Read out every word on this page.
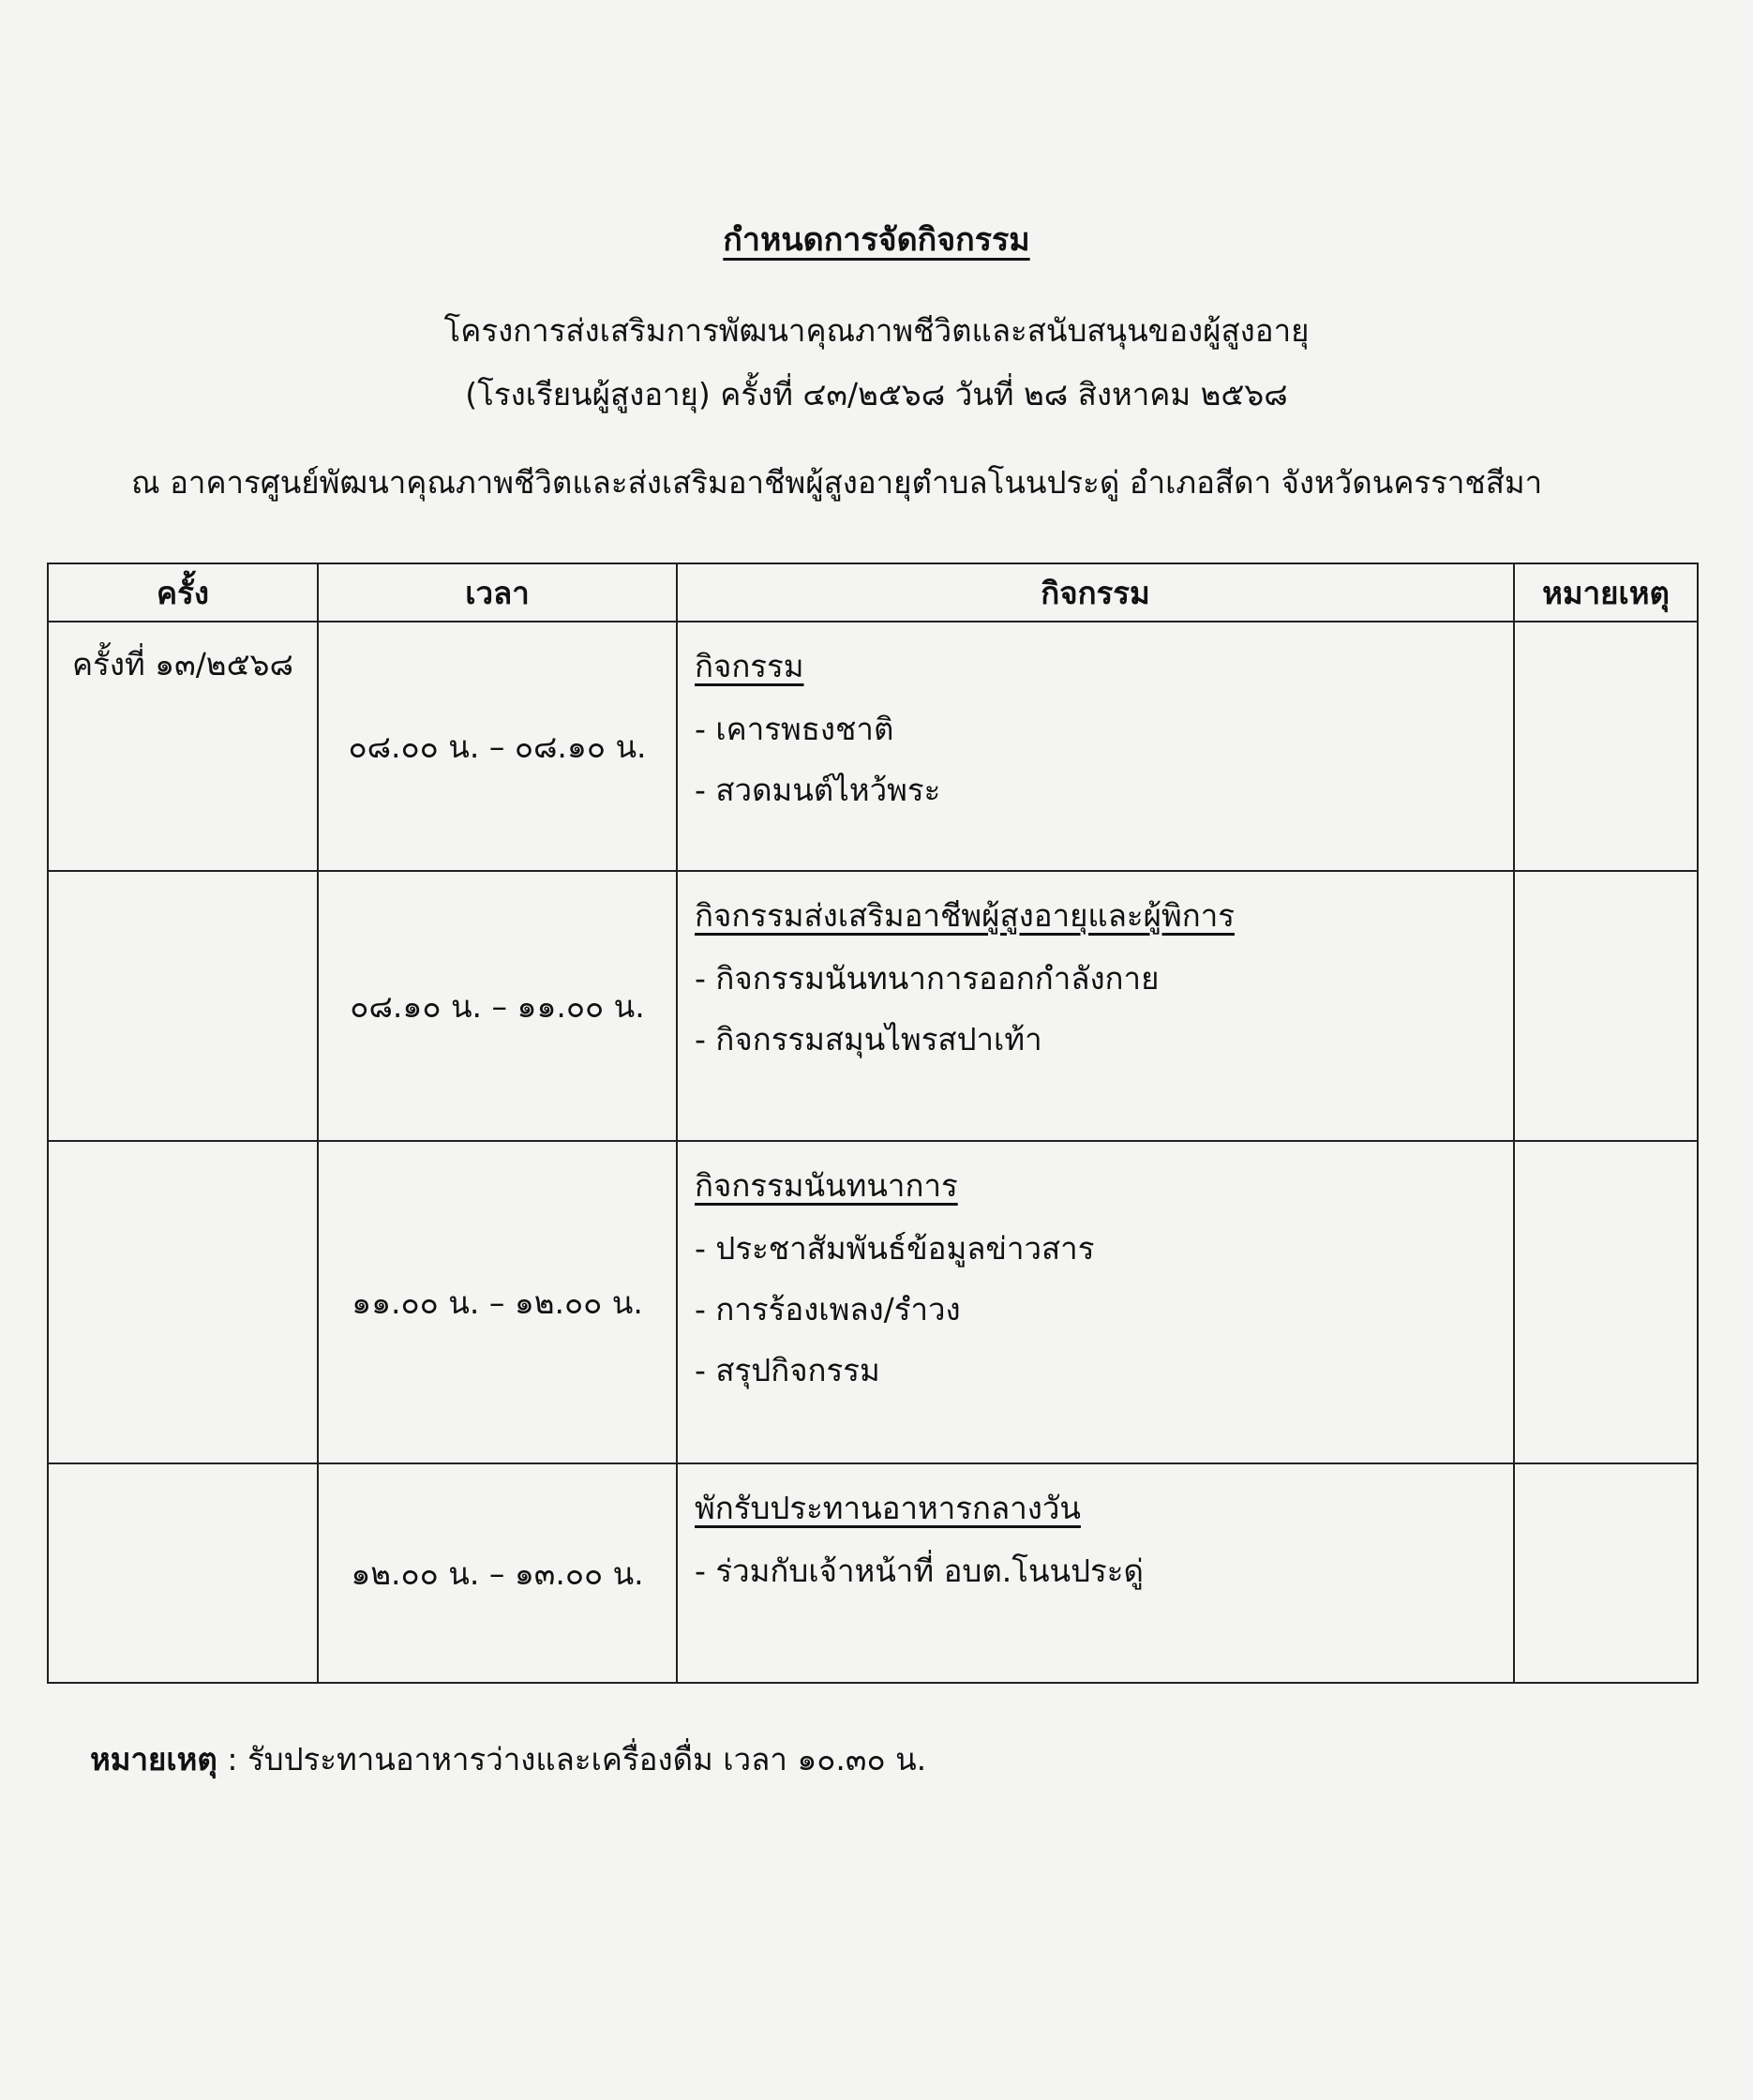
กำหนดการจัดกิจกรรม
โครงการส่งเสริมการพัฒนาคุณภาพชีวิตและสนับสนุนของผู้สูงอายุ
(โรงเรียนผู้สูงอายุ) ครั้งที่ ๔๓/๒๕๖๘ วันที่ ๒๘ สิงหาคม ๒๕๖๘
ณ อาคารศูนย์พัฒนาคุณภาพชีวิตและส่งเสริมอาชีพผู้สูงอายุตำบลโนนประดู่ อำเภอสีดา จังหวัดนครราชสีมา
ครั้ง	เวลา	กิจกรรม	หมายเหตุ
ครั้งที่ ๑๓/๒๕๖๘	๐๘.๐๐ น. – ๐๘.๑๐ น.	กิจกรรม
- เคารพธงชาติ
- สวดมนต์ไหว้พระ	

	๐๘.๑๐ น. – ๑๑.๐๐ น.	กิจกรรมส่งเสริมอาชีพผู้สูงอายุและผู้พิการ
- กิจกรรมนันทนาการออกกำลังกาย
- กิจกรรมสมุนไพรสปาเท้า	

	๑๑.๐๐ น. – ๑๒.๐๐ น.	กิจกรรมนันทนาการ
- ประชาสัมพันธ์ข้อมูลข่าวสาร
- การร้องเพลง/รำวง
- สรุปกิจกรรม	

	๑๒.๐๐ น. – ๑๓.๐๐ น.	พักรับประทานอาหารกลางวัน
- ร่วมกับเจ้าหน้าที่ อบต.โนนประดู่	

หมายเหตุ : รับประทานอาหารว่างและเครื่องดื่ม เวลา ๑๐.๓๐ น.
